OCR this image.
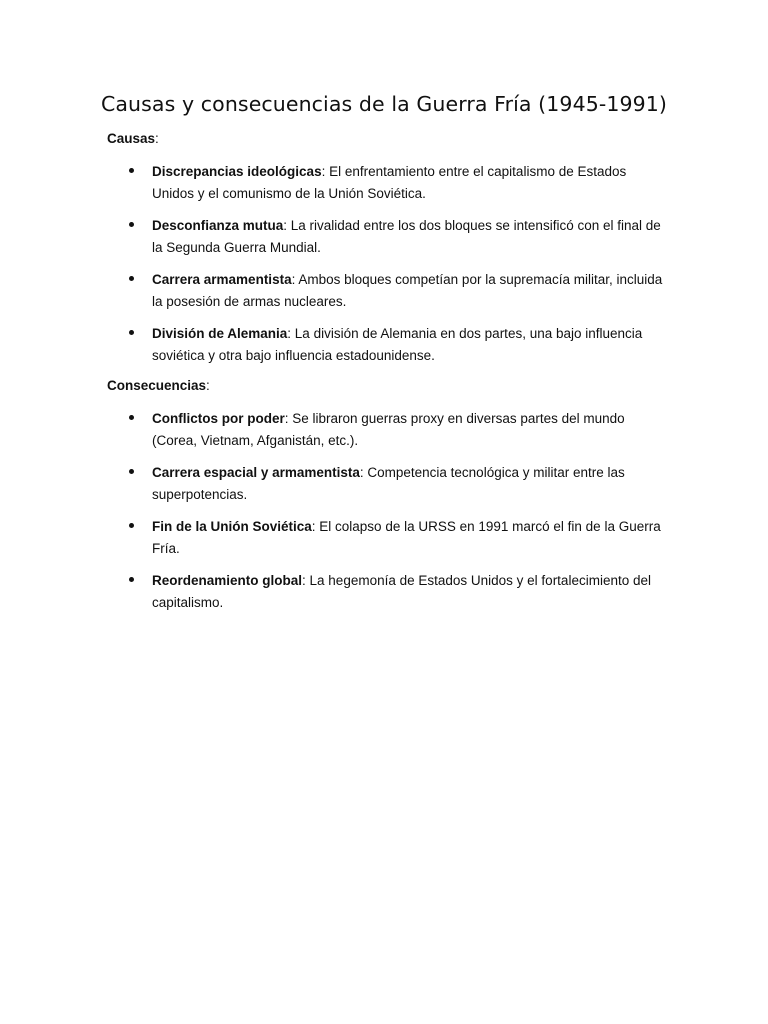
Causas y consecuencias de la Guerra Fría (1945-1991)

Causas:

Discrepancias ideológicas: El enfrentamiento entre el capitalismo de Estados Unidos y el comunismo de la Unión Soviética.
Desconfianza mutua: La rivalidad entre los dos bloques se intensificó con el final de la Segunda Guerra Mundial.
Carrera armamentista: Ambos bloques competían por la supremacía militar, incluida la posesión de armas nucleares.
División de Alemania: La división de Alemania en dos partes, una bajo influencia soviética y otra bajo influencia estadounidense.

Consecuencias:

Conflictos por poder: Se libraron guerras proxy en diversas partes del mundo (Corea, Vietnam, Afganistán, etc.).
Carrera espacial y armamentista: Competencia tecnológica y militar entre las superpotencias.
Fin de la Unión Soviética: El colapso de la URSS en 1991 marcó el fin de la Guerra Fría.
Reordenamiento global: La hegemonía de Estados Unidos y el fortalecimiento del capitalismo.
